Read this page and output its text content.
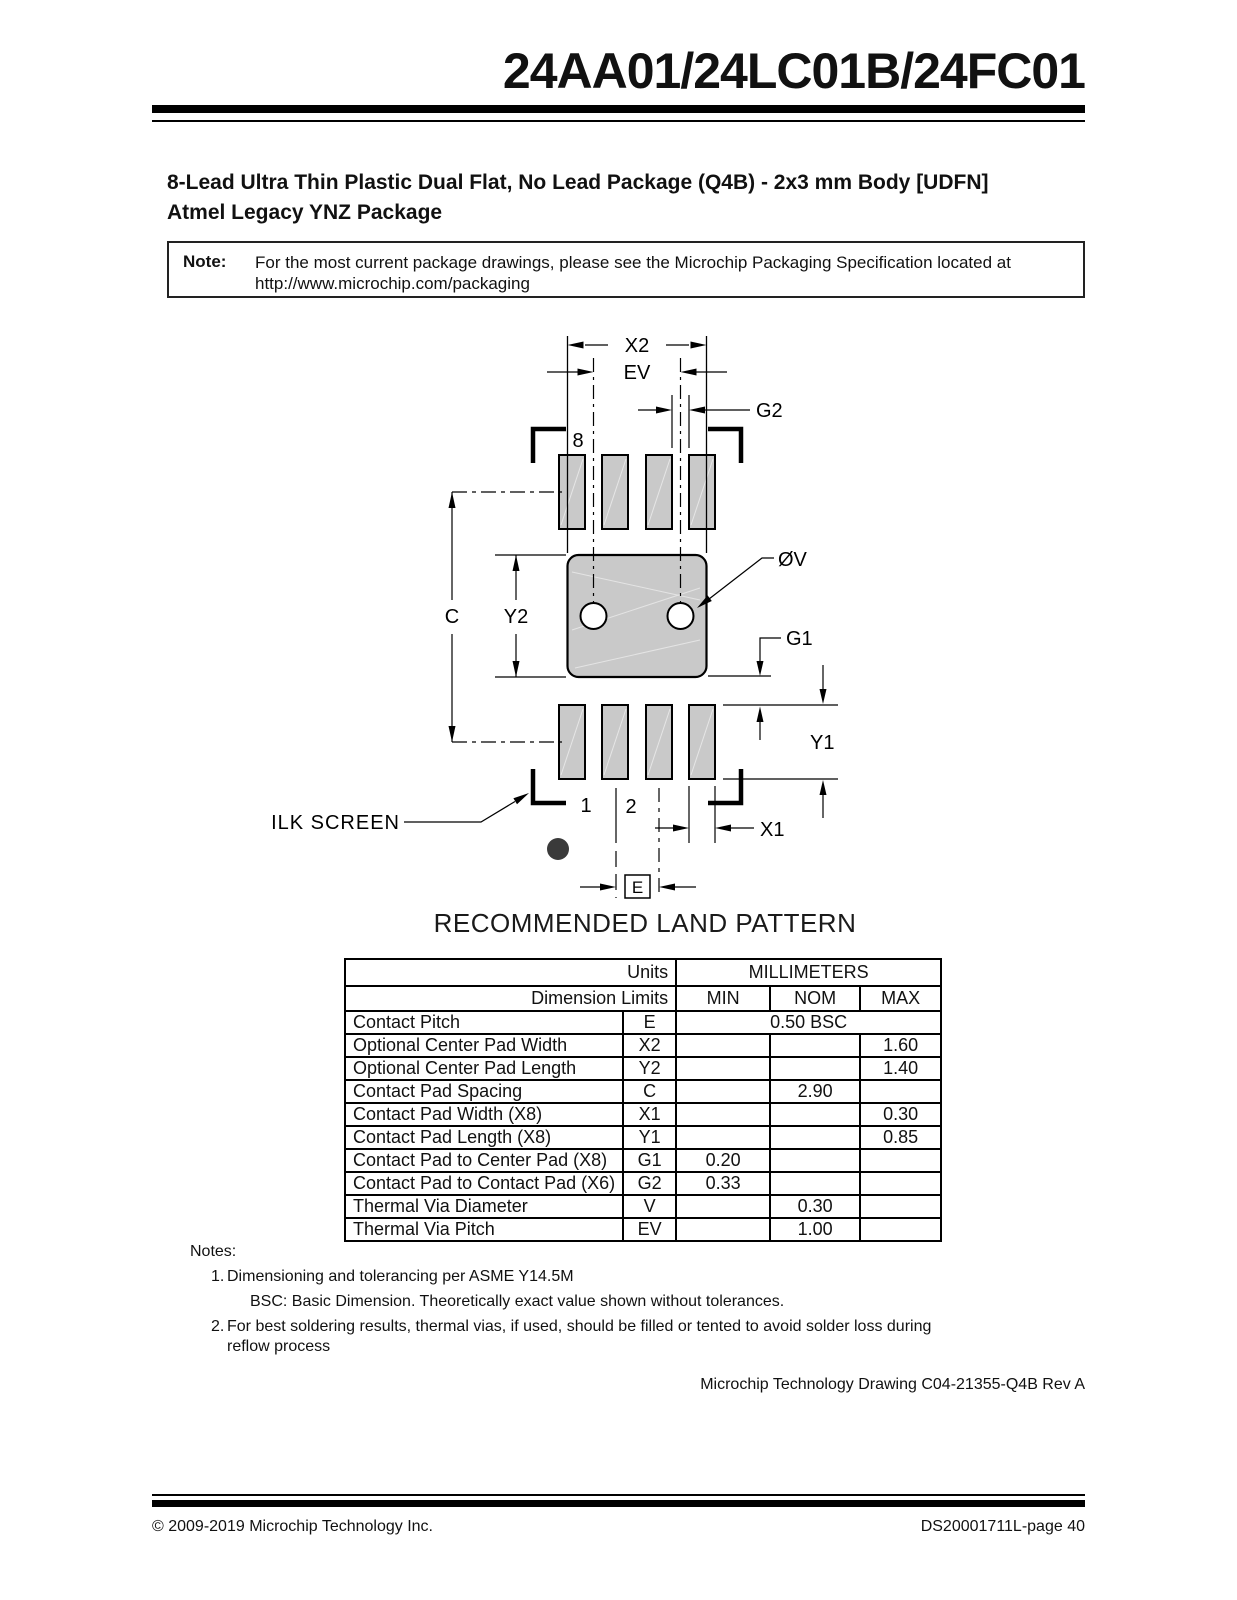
24AA01/24LC01B/24FC01
8-Lead Ultra Thin Plastic Dual Flat, No Lead Package (Q4B) - 2x3 mm Body [UDFN]
Atmel Legacy YNZ Package
Note: For the most current package drawings, please see the Microchip Packaging Specification located at
http://www.microchip.com/packaging
X2
EV
G2
8
C Y2
ØV
G1
Y1
1 2
X1
E
SILK SCREEN
RECOMMENDED LAND PATTERN
Units		MILLIMETERS		
Dimension Limits		MIN	NOM	MAX
Contact Pitch	E	0.50 BSC		
Optional Center Pad Width	X2			1.60
Optional Center Pad Length	Y2			1.40
Contact Pad Spacing	C		2.90	
Contact Pad Width (X8)	X1			0.30
Contact Pad Length (X8)	Y1			0.85
Contact Pad to Center Pad (X8)	G1	0.20		
Contact Pad to Contact Pad (X6)	G2	0.33		
Thermal Via Diameter	V		0.30	
Thermal Via Pitch	EV		1.00	
Notes:
1. Dimensioning and tolerancing per ASME Y14.5M
BSC: Basic Dimension. Theoretically exact value shown without tolerances.
2. For best soldering results, thermal vias, if used, should be filled or tented to avoid solder loss during
reflow process
Microchip Technology Drawing C04-21355-Q4B Rev A
© 2009-2019 Microchip Technology Inc.	DS20001711L-page 40
